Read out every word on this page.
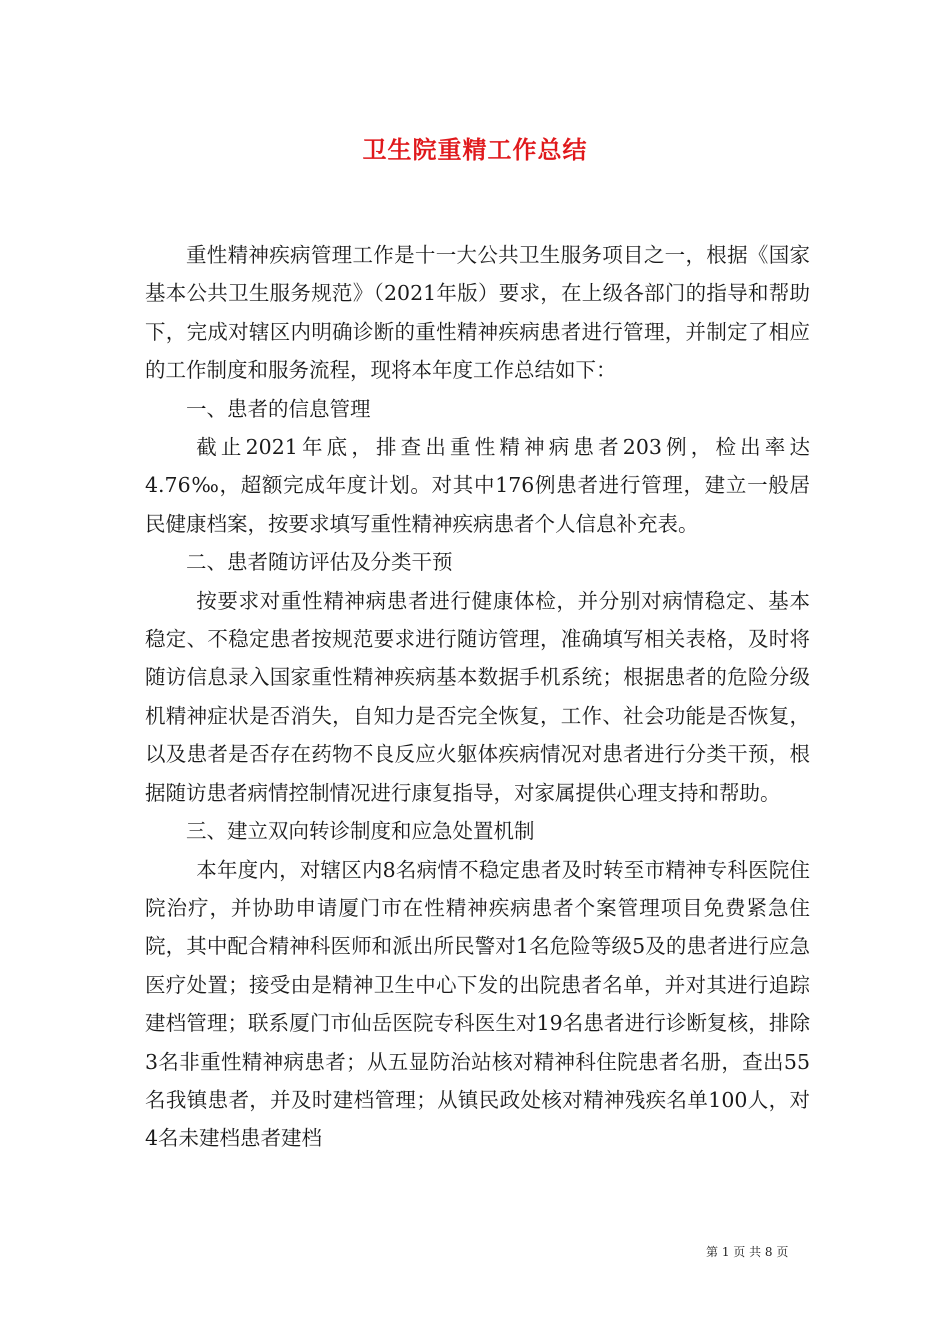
卫生院重精工作总结

重性精神疾病管理工作是十一大公共卫生服务项目之一，根据《国家基本公共卫生服务规范》（2021年版）要求，在上级各部门的指导和帮助下，完成对辖区内明确诊断的重性精神疾病患者进行管理，并制定了相应的工作制度和服务流程，现将本年度工作总结如下：

一、患者的信息管理

截止2021年底，排查出重性精神病患者203例，检出率达4.76‰，超额完成年度计划。对其中176例患者进行管理，建立一般居民健康档案，按要求填写重性精神疾病患者个人信息补充表。

二、患者随访评估及分类干预

按要求对重性精神病患者进行健康体检，并分别对病情稳定、基本稳定、不稳定患者按规范要求进行随访管理，准确填写相关表格，及时将随访信息录入国家重性精神疾病基本数据手机系统；根据患者的危险分级机精神症状是否消失，自知力是否完全恢复，工作、社会功能是否恢复，以及患者是否存在药物不良反应火躯体疾病情况对患者进行分类干预，根据随访患者病情控制情况进行康复指导，对家属提供心理支持和帮助。

三、建立双向转诊制度和应急处置机制

本年度内，对辖区内8名病情不稳定患者及时转至市精神专科医院住院治疗，并协助申请厦门市在性精神疾病患者个案管理项目免费紧急住院，其中配合精神科医师和派出所民警对1名危险等级5及的患者进行应急医疗处置；接受由是精神卫生中心下发的出院患者名单，并对其进行追踪建档管理；联系厦门市仙岳医院专科医生对19名患者进行诊断复核，排除3名非重性精神病患者；从五显防治站核对精神科住院患者名册，查出55名我镇患者，并及时建档管理；从镇民政处核对精神残疾名单100人，对4名未建档患者建档

第 1 页 共 8 页
